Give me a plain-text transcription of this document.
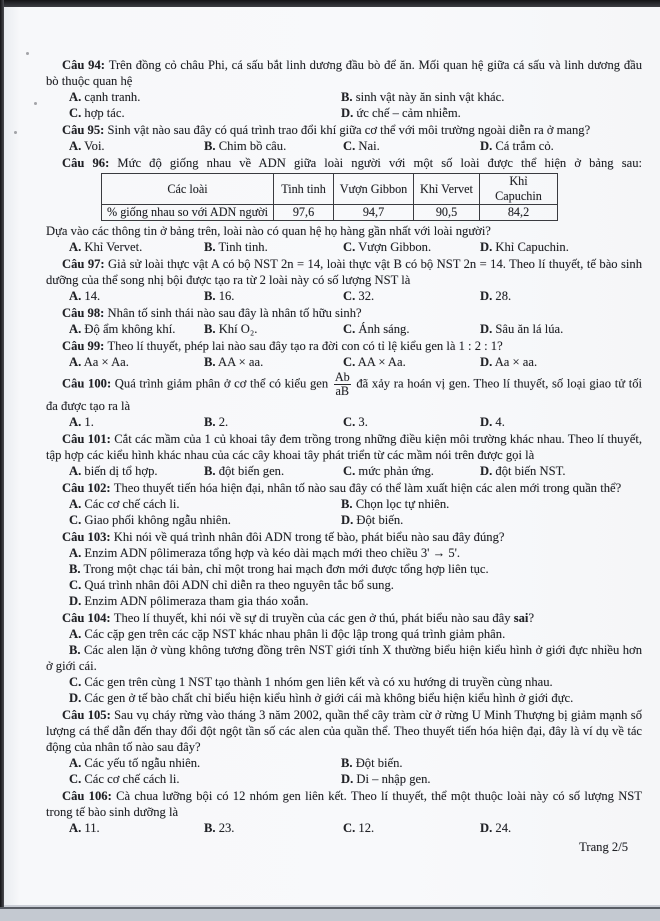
Câu 94: Trên đồng cỏ châu Phi, cá sấu bắt linh dương đầu bò để ăn. Mối quan hệ giữa cá sấu và linh dương đầu bò thuộc quan hệ

A. cạnh tranh.	B. sinh vật này ăn sinh vật khác.
C. hợp tác.	D. ức chế – cảm nhiễm.

Câu 95: Sinh vật nào sau đây có quá trình trao đổi khí giữa cơ thể với môi trường ngoài diễn ra ở mang?

A. Voi.	B. Chim bồ câu.	C. Nai.	D. Cá trắm cỏ.

Câu 96: Mức độ giống nhau về ADN giữa loài người với một số loài được thể hiện ở bảng sau:

Các loài	Tinh tinh	Vượn Gibbon	Khỉ Vervet	Khỉ Capuchin
% giống nhau so với ADN người	97,6	94,7	90,5	84,2

Dựa vào các thông tin ở bảng trên, loài nào có quan hệ họ hàng gần nhất với loài người?

A. Khỉ Vervet.	B. Tinh tinh.	C. Vượn Gibbon.	D. Khỉ Capuchin.

Câu 97: Giả sử loài thực vật A có bộ NST 2n = 14, loài thực vật B có bộ NST 2n = 14. Theo lí thuyết, tế bào sinh dưỡng của thể song nhị bội được tạo ra từ 2 loài này có số lượng NST là

A. 14.	B. 16.	C. 32.	D. 28.

Câu 98: Nhân tố sinh thái nào sau đây là nhân tố hữu sinh?

A. Độ ẩm không khí.	B. Khí O₂.	C. Ánh sáng.	D. Sâu ăn lá lúa.

Câu 99: Theo lí thuyết, phép lai nào sau đây tạo ra đời con có tỉ lệ kiểu gen là 1 : 2 : 1?

A. Aa × Aa.	B. AA × aa.	C. AA × Aa.	D. Aa × aa.

Câu 100: Quá trình giảm phân ở cơ thể có kiểu gen $\frac{Ab}{aB}$ đã xảy ra hoán vị gen. Theo lí thuyết, số loại giao tử tối đa được tạo ra là

A. 1.	B. 2.	C. 3.	D. 4.

Câu 101: Cắt các mầm của 1 củ khoai tây đem trồng trong những điều kiện môi trường khác nhau. Theo lí thuyết, tập hợp các kiểu hình khác nhau của các cây khoai tây phát triển từ các mầm nói trên được gọi là

A. biến dị tổ hợp.	B. đột biến gen.	C. mức phản ứng.	D. đột biến NST.

Câu 102: Theo thuyết tiến hóa hiện đại, nhân tố nào sau đây có thể làm xuất hiện các alen mới trong quần thể?

A. Các cơ chế cách li.	B. Chọn lọc tự nhiên.
C. Giao phối không ngẫu nhiên.	D. Đột biến.

Câu 103: Khi nói về quá trình nhân đôi ADN trong tế bào, phát biểu nào sau đây đúng?

A. Enzim ADN pôlimeraza tổng hợp và kéo dài mạch mới theo chiều 3' → 5'.
B. Trong một chạc tái bản, chỉ một trong hai mạch đơn mới được tổng hợp liên tục.
C. Quá trình nhân đôi ADN chỉ diễn ra theo nguyên tắc bổ sung.
D. Enzim ADN pôlimeraza tham gia tháo xoắn.

Câu 104: Theo lí thuyết, khi nói về sự di truyền của các gen ở thú, phát biểu nào sau đây sai?

A. Các cặp gen trên các cặp NST khác nhau phân li độc lập trong quá trình giảm phân.
B. Các alen lặn ở vùng không tương đồng trên NST giới tính X thường biểu hiện kiểu hình ở giới đực nhiều hơn ở giới cái.
C. Các gen trên cùng 1 NST tạo thành 1 nhóm gen liên kết và có xu hướng di truyền cùng nhau.
D. Các gen ở tế bào chất chỉ biểu hiện kiểu hình ở giới cái mà không biểu hiện kiểu hình ở giới đực.

Câu 105: Sau vụ cháy rừng vào tháng 3 năm 2002, quần thể cây tràm cừ ở rừng U Minh Thượng bị giảm mạnh số lượng cá thể dẫn đến thay đổi đột ngột tần số các alen của quần thể. Theo thuyết tiến hóa hiện đại, đây là ví dụ về tác động của nhân tố nào sau đây?

A. Các yếu tố ngẫu nhiên.	B. Đột biến.
C. Các cơ chế cách li.	D. Di – nhập gen.

Câu 106: Cà chua lưỡng bội có 12 nhóm gen liên kết. Theo lí thuyết, thể một thuộc loài này có số lượng NST trong tế bào sinh dưỡng là

A. 11.	B. 23.	C. 12.	D. 24.
Trang 2/5
